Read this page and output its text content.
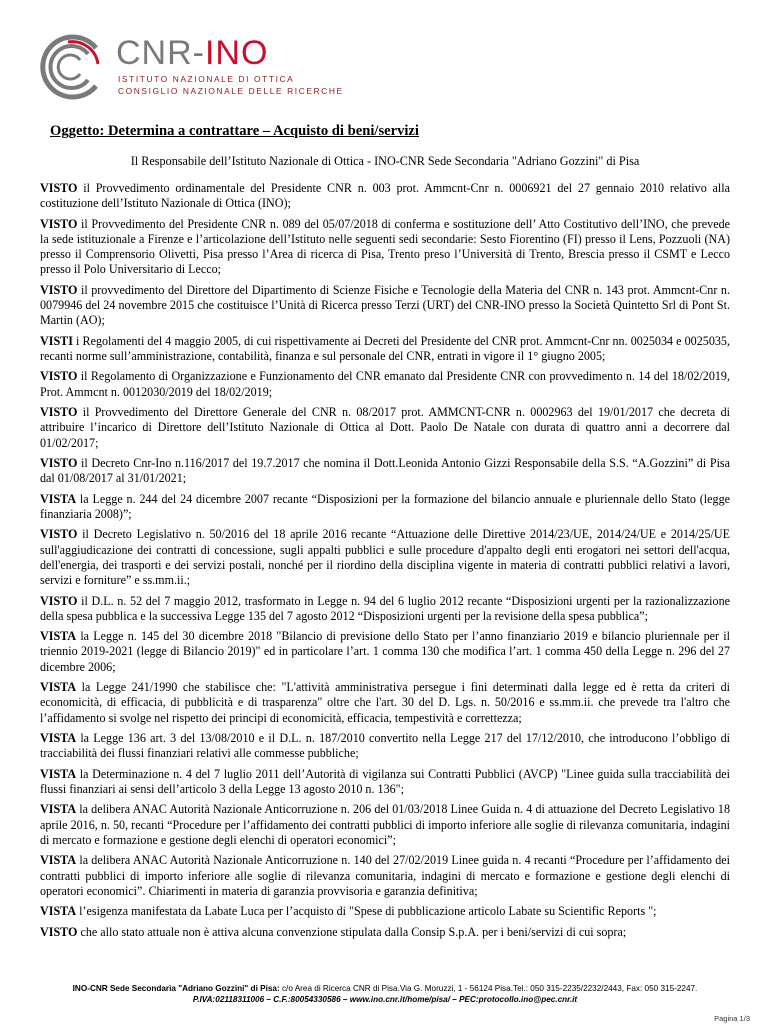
CNR-INO
ISTITUTO NAZIONALE DI OTTICA
CONSIGLIO NAZIONALE DELLE RICERCHE
Oggetto: Determina a contrattare – Acquisto di beni/servizi
Il Responsabile dell’Istituto Nazionale di Ottica - INO-CNR Sede Secondaria "Adriano Gozzini" di Pisa

VISTO il Provvedimento ordinamentale del Presidente CNR n. 003 prot. Ammcnt-Cnr n. 0006921 del 27 gennaio 2010 relativo alla costituzione dell’Istituto Nazionale di Ottica (INO);

VISTO il Provvedimento del Presidente CNR n. 089 del 05/07/2018 di conferma e sostituzione dell’ Atto Costitutivo dell’INO, che prevede la sede istituzionale a Firenze e l’articolazione dell’Istituto nelle seguenti sedi secondarie: Sesto Fiorentino (FI) presso il Lens, Pozzuoli (NA) presso il Comprensorio Olivetti, Pisa presso l’Area di ricerca di Pisa, Trento preso l’Università di Trento, Brescia presso il CSMT e Lecco presso il Polo Universitario di Lecco;

VISTO il provvedimento del Direttore del Dipartimento di Scienze Fisiche e Tecnologie della Materia del CNR n. 143 prot. Ammcnt-Cnr n. 0079946 del 24 novembre 2015 che costituisce l’Unità di Ricerca presso Terzi (URT) del CNR-INO presso la Società Quintetto Srl di Pont St. Martin (AO);

VISTI i Regolamenti del 4 maggio 2005, di cui rispettivamente ai Decreti del Presidente del CNR prot. Ammcnt-Cnr nn. 0025034 e 0025035, recanti norme sull’amministrazione, contabilità, finanza e sul personale del CNR, entrati in vigore il 1° giugno 2005;

VISTO il Regolamento di Organizzazione e Funzionamento del CNR emanato dal Presidente CNR con provvedimento n. 14 del 18/02/2019, Prot. Ammcnt n. 0012030/2019 del 18/02/2019;

VISTO il Provvedimento del Direttore Generale del CNR n. 08/2017 prot. AMMCNT-CNR n. 0002963 del 19/01/2017 che decreta di attribuire l’incarico di Direttore dell’Istituto Nazionale di Ottica al Dott. Paolo De Natale con durata di quattro anni a decorrere dal 01/02/2017;

VISTO il Decreto Cnr-Ino n.116/2017 del 19.7.2017 che nomina il Dott.Leonida Antonio Gizzi Responsabile della S.S. “A.Gozzini” di Pisa dal 01/08/2017 al 31/01/2021;

VISTA la Legge n. 244 del 24 dicembre 2007 recante “Disposizioni per la formazione del bilancio annuale e pluriennale dello Stato (legge finanziaria 2008)”;

VISTO il Decreto Legislativo n. 50/2016 del 18 aprile 2016 recante “Attuazione delle Direttive 2014/23/UE, 2014/24/UE e 2014/25/UE sull'aggiudicazione dei contratti di concessione, sugli appalti pubblici e sulle procedure d'appalto degli enti erogatori nei settori dell'acqua, dell'energia, dei trasporti e dei servizi postali, nonché per il riordino della disciplina vigente in materia di contratti pubblici relativi a lavori, servizi e forniture” e ss.mm.ii.;

VISTO il D.L. n. 52 del 7 maggio 2012, trasformato in Legge n. 94 del 6 luglio 2012 recante “Disposizioni urgenti per la razionalizzazione della spesa pubblica e la successiva Legge 135 del 7 agosto 2012 “Disposizioni urgenti per la revisione della spesa pubblica”;

VISTA la Legge n. 145 del 30 dicembre 2018 "Bilancio di previsione dello Stato per l’anno finanziario 2019 e bilancio pluriennale per il triennio 2019-2021 (legge di Bilancio 2019)" ed in particolare l’art. 1 comma 130 che modifica l’art. 1 comma 450 della Legge n. 296 del 27 dicembre 2006;

VISTA la Legge 241/1990 che stabilisce che: "L'attività amministrativa persegue i fini determinati dalla legge ed è retta da criteri di economicità, di efficacia, di pubblicità e di trasparenza" oltre che l'art. 30 del D. Lgs. n. 50/2016 e ss.mm.ii. che prevede tra l'altro che l’affidamento si svolge nel rispetto dei principi di economicità, efficacia, tempestività e correttezza;

VISTA la Legge 136 art. 3 del 13/08/2010 e il D.L. n. 187/2010 convertito nella Legge 217 del 17/12/2010, che introducono l’obbligo di tracciabilità dei flussi finanziari relativi alle commesse pubbliche;

VISTA la Determinazione n. 4 del 7 luglio 2011 dell’Autorità di vigilanza sui Contratti Pubblici (AVCP) "Linee guida sulla tracciabilità dei flussi finanziari ai sensi dell’articolo 3 della Legge 13 agosto 2010 n. 136";

VISTA la delibera ANAC Autorità Nazionale Anticorruzione n. 206 del 01/03/2018 Linee Guida n. 4 di attuazione del Decreto Legislativo 18 aprile 2016, n. 50, recanti “Procedure per l’affidamento dei contratti pubblici di importo inferiore alle soglie di rilevanza comunitaria, indagini di mercato e formazione e gestione degli elenchi di operatori economici”;

VISTA la delibera ANAC Autorità Nazionale Anticorruzione n. 140 del 27/02/2019 Linee guida n. 4 recanti “Procedure per l’affidamento dei contratti pubblici di importo inferiore alle soglie di rilevanza comunitaria, indagini di mercato e formazione e gestione degli elenchi di operatori economici”. Chiarimenti in materia di garanzia provvisoria e garanzia definitiva;

VISTA l’esigenza manifestata da Labate Luca per l’acquisto di "Spese di pubblicazione articolo Labate su Scientific Reports ";

VISTO che allo stato attuale non è attiva alcuna convenzione stipulata dalla Consip S.p.A. per i beni/servizi di cui sopra;

INO-CNR Sede Secondaria "Adriano Gozzini" di Pisa: c/o Area di Ricerca CNR di Pisa.Via G. Moruzzi, 1 - 56124 Pisa.Tel.: 050 315-2235/2232/2443, Fax: 050 315-2247.
P.IVA:02118311006 – C.F.:80054330586 – www.ino.cnr.it/home/pisa/ – PEC:protocollo.ino@pec.cnr.it
Pagina 1/3
